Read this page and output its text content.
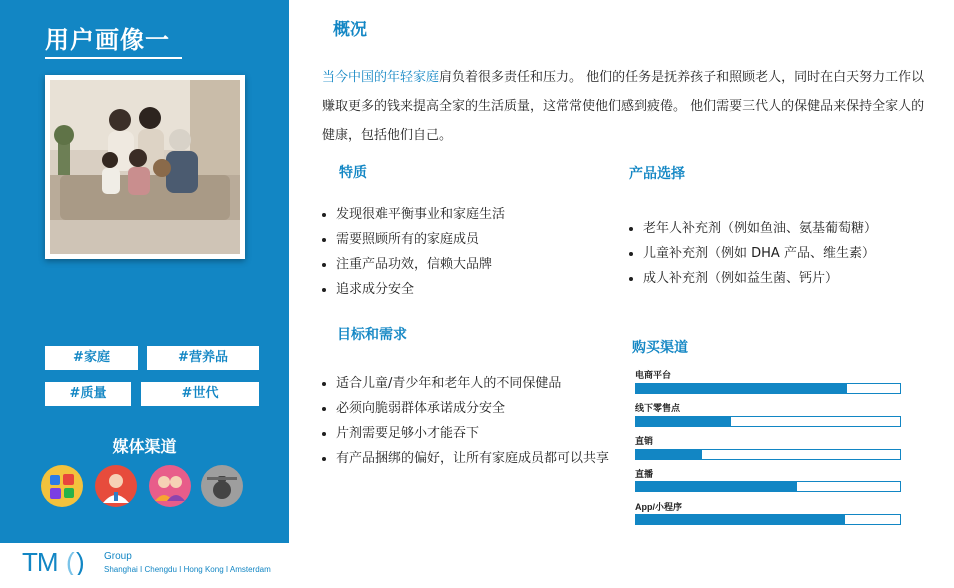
用户画像一
#家庭	#营养品
#质量	#世代
媒体渠道
TM ( ) Group
Shanghai I Chengdu I Hong Kong I Amsterdam
概况
当今中国的年轻家庭肩负着很多责任和压力。 他们的任务是抚养孩子和照顾老人，同时在白天努力工作以赚取更多的钱来提高全家的生活质量，这常常使他们感到疲倦。 他们需要三代人的保健品来保持全家人的健康，包括他们自己。
特质
• 发现很难平衡事业和家庭生活
• 需要照顾所有的家庭成员
• 注重产品功效，信赖大品牌
• 追求成分安全
目标和需求
• 适合儿童/青少年和老年人的不同保健品
• 必须向脆弱群体承诺成分安全
• 片剂需要足够小才能吞下
• 有产品捆绑的偏好，让所有家庭成员都可以共享
产品选择
• 老年人补充剂（例如鱼油、氨基葡萄糖）
• 儿童补充剂（例如 DHA 产品、维生素）
• 成人补充剂（例如益生菌、钙片）
购买渠道
电商平台
线下零售点
直销
直播
App/小程序
